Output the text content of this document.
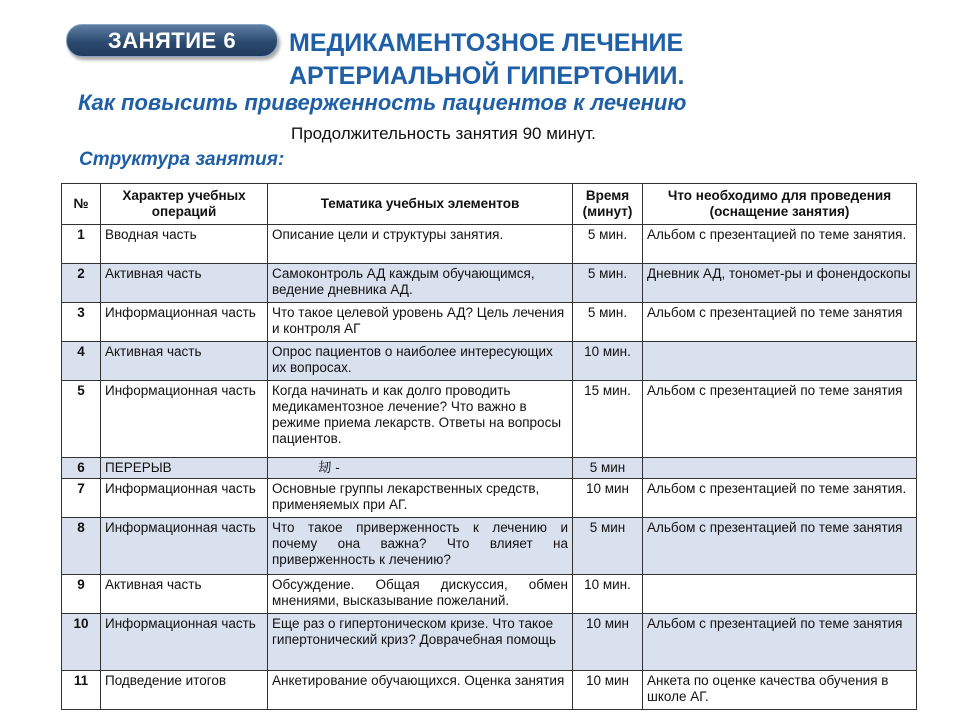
ЗАНЯТИЕ 6	МЕДИКАМЕНТОЗНОЕ ЛЕЧЕНИЕ
АРТЕРИАЛЬНОЙ ГИПЕРТОНИИ.
Как повысить приверженность пациентов к лечению
Продолжительность занятия 90 минут.
Структура занятия:
№	Характер учебных операций	Тематика учебных элементов	Время (минут)	Что необходимо для проведения (оснащение занятия)
1	Вводная часть	Описание цели и структуры занятия.	5 мин.	Альбом с презентацией по теме занятия.
2	Активная часть	Самоконтроль АД каждым обучающимся, ведение дневника АД.	5 мин.	Дневник АД, тономет-ры и фонендоскопы
3	Информационная часть	Что такое целевой уровень АД? Цель лечения и контроля АГ	5 мин.	Альбом с презентацией по теме занятия
4	Активная часть	Опрос пациентов о наиболее интересующих их вопросах.	10 мин.	
5	Информационная часть	Когда начинать и как долго проводить медикаментозное лечение? Что важно в режиме приема лекарств. Ответы на вопросы пациентов.	15 мин.	Альбом с презентацией по теме занятия
6	ПЕРЕРЫВ	刼 -	5 мин	
7	Информационная часть	Основные группы лекарственных средств, применяемых при АГ.	10 мин	Альбом с презентацией по теме занятия.
8	Информационная часть	Что такое приверженность к лечению и почему она важна? Что влияет на приверженность к лечению?	5 мин	Альбом с презентацией по теме занятия
9	Активная часть	Обсуждение. Общая дискуссия, обмен мнениями, высказывание пожеланий.	10 мин.	
10	Информационная часть	Еще раз о гипертоническом кризе. Что такое гипертонический криз? Доврачебная помощь	10 мин	Альбом с презентацией по теме занятия
11	Подведение итогов	Анкетирование обучающихся. Оценка занятия	10 мин	Анкета по оценке качества обучения в школе АГ.
